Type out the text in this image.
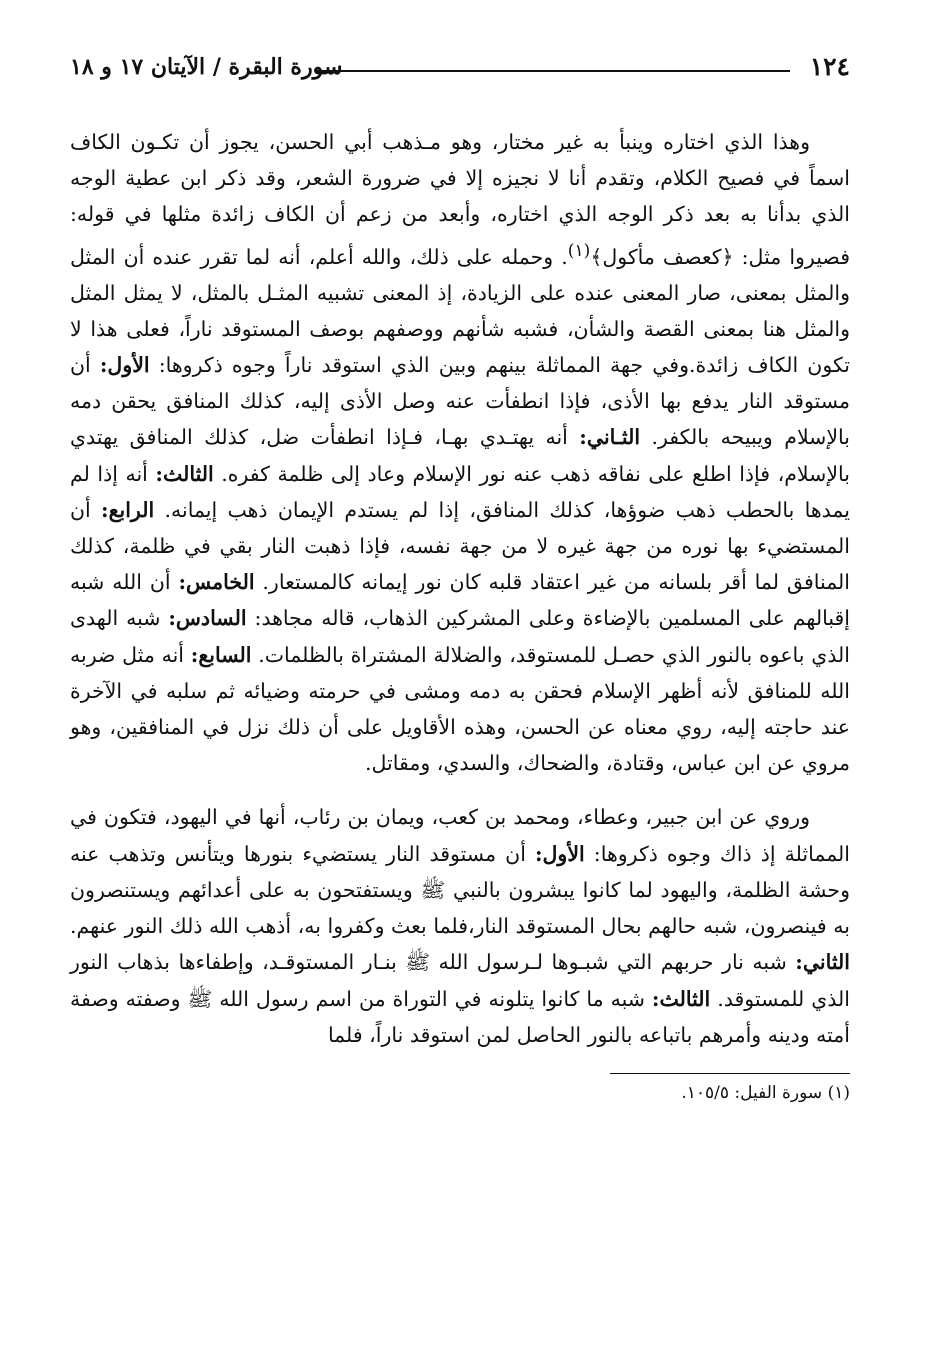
١٢٤
سورة البقرة / الآيتان ١٧ و ١٨

وهذا الذي اختاره وينبأ به غير مختار، وهو مـذهب أبي الحسن، يجوز أن تكـون الكاف اسماً في فصيح الكلام، وتقدم أنا لا نجيزه إلا في ضرورة الشعر، وقد ذكر ابن عطية الوجه الذي بدأنا به بعد ذكر الوجه الذي اختاره، وأبعد من زعم أن الكاف زائدة مثلها في قوله: فصيروا مثل: ﴿كعصف مأكول﴾$^{(١)}$. وحمله على ذلك، والله أعلم، أنه لما تقرر عنده أن المثل والمثل بمعنى، صار المعنى عنده على الزيادة، إذ المعنى تشبيه المثـل بالمثل، لا يمثل المثل والمثل هنا بمعنى القصة والشأن، فشبه شأنهم ووصفهم بوصف المستوقد ناراً، فعلى هذا لا تكون الكاف زائدة.وفي جهة المماثلة بينهم وبين الذي استوقد ناراً وجوه ذكروها: الأول: أن مستوقد النار يدفع بها الأذى، فإذا انطفأت عنه وصل الأذى إليه، كذلك المنافق يحقن دمه بالإسلام ويبيحه بالكفر. الثـاني: أنه يهتـدي بهـا، فـإذا انطفأت ضل، كذلك المنافق يهتدي بالإسلام، فإذا اطلع على نفاقه ذهب عنه نور الإسلام وعاد إلى ظلمة كفره. الثالث: أنه إذا لم يمدها بالحطب ذهب ضوؤها، كذلك المنافق، إذا لم يستدم الإيمان ذهب إيمانه. الرابع: أن المستضيء بها نوره من جهة غيره لا من جهة نفسه، فإذا ذهبت النار بقي في ظلمة، كذلك المنافق لما أقر بلسانه من غير اعتقاد قلبه كان نور إيمانه كالمستعار. الخامس: أن الله شبه إقبالهم على المسلمين بالإضاءة وعلى المشركين الذهاب، قاله مجاهد: السادس: شبه الهدى الذي باعوه بالنور الذي حصـل للمستوقد، والضلالة المشتراة بالظلمات. السابع: أنه مثل ضربه الله للمنافق لأنه أظهر الإسلام فحقن به دمه ومشى في حرمته وضيائه ثم سلبه في الآخرة عند حاجته إليه، روي معناه عن الحسن، وهذه الأقاويل على أن ذلك نزل في المنافقين، وهو مروي عن ابن عباس، وقتادة، والضحاك، والسدي، ومقاتل.

وروي عن ابن جبير، وعطاء، ومحمد بن كعب، ويمان بن رئاب، أنها في اليهود، فتكون في المماثلة إذ ذاك وجوه ذكروها: الأول: أن مستوقد النار يستضيء بنورها ويتأنس وتذهب عنه وحشة الظلمة، واليهود لما كانوا يبشرون بالنبي ﷺ ويستفتحون به على أعدائهم ويستنصرون به فينصرون، شبه حالهم بحال المستوقد النار،فلما بعث وكفروا به، أذهب الله ذلك النور عنهم. الثاني: شبه نار حربهم التي شبـوها لـرسول الله ﷺ بنـار المستوقـد، وإطفاءها بذهاب النور الذي للمستوقد. الثالث: شبه ما كانوا يتلونه في التوراة من اسم رسول الله ﷺ وصفته وصفة أمته ودينه وأمرهم باتباعه بالنور الحاصل لمن استوقد ناراً، فلما

(١) سورة الفيل: ١٠٥/٥.
